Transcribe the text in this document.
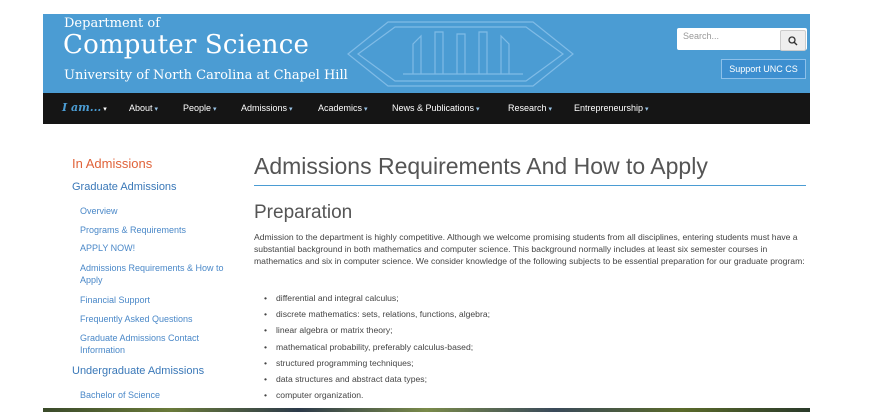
Department of
Computer Science
University of North Carolina at Chapel Hill
Search...
Support UNC CS
I am... ▾ About ▾	People ▾	Admissions ▾	Academics ▾	News & Publications ▾	Research ▾ Entrepreneurship ▾
In Admissions
Graduate Admissions
Overview
Programs & Requirements
APPLY NOW!
Admissions Requirements & How to Apply
Financial Support
Frequently Asked Questions
Graduate Admissions Contact Information
Bachelor of Science
Undergraduate Admissions
Admissions Requirements And How to Apply
Preparation
Admission to the department is highly competitive. Although we welcome promising students from all disciplines, entering students must have a substantial background in both mathematics and computer science. This background normally includes at least six semester courses in mathematics and six in computer science. We consider knowledge of the following subjects to be essential preparation for our graduate program:
• differential and integral calculus;
• discrete mathematics: sets, relations, functions, algebra;
• linear algebra or matrix theory;
• mathematical probability, preferably calculus-based;
• structured programming techniques;
• data structures and abstract data types;
• computer organization.
